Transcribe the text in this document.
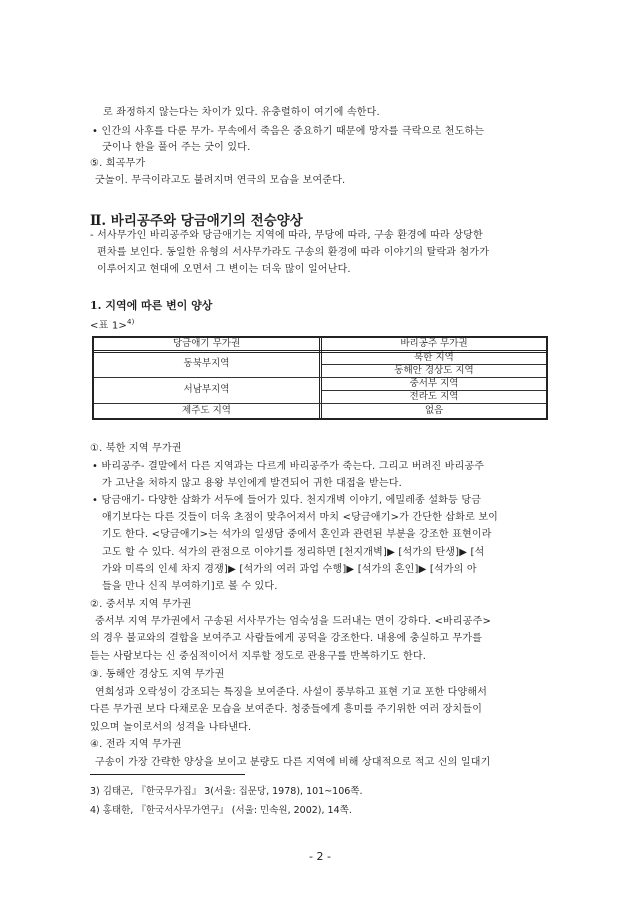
로 좌정하지 않는다는 차이가 있다. 유충렬하이 여기에 속한다.
• 인간의 사후를 다룬 무가- 무속에서 죽음은 중요하기 때문에 망자를 극락으로 천도하는
굿이나 한을 풀어 주는 굿이 있다.
⑤. 희곡무가
굿놀이. 무극이라고도 불려지며 연극의 모습을 보여준다.
Ⅱ. 바리공주와 당금애기의 전승양상
- 서사무가인 바리공주와 당금애기는 지역에 따라, 무당에 따라, 구송 환경에 따라 상당한
편차를 보인다. 동일한 유형의 서사무가라도 구송의 환경에 따라 이야기의 탈락과 첨가가
이루어지고 현대에 오면서 그 변이는 더욱 많이 일어난다.
1. 지역에 따른 변이 양상
<표 1>$^{4)}$
당금애기 무가권	바리공주 무가권
동북부지역
서남부지역
제주도 지역
북한 지역
동해안 경상도 지역
중서부 지역
전라도 지역
없음
①. 북한 지역 무가권
• 바리공주- 결말에서 다른 지역과는 다르게 바리공주가 죽는다. 그리고 버려진 바리공주
가 고난을 처하지 않고 용왕 부인에게 발견되어 귀한 대접을 받는다.
• 당금애기- 다양한 삽화가 서두에 들어가 있다. 천지개벽 이야기, 에밀레종 설화등 당금
애기보다는 다른 것들이 더욱 초점이 맞추어져서 마치 <당금애기>가 간단한 삽화로 보이
기도 한다. <당금애기>는 석가의 일생담 중에서 혼인과 관련된 부분을 강조한 표현이라
고도 할 수 있다. 석가의 관점으로 이야기를 정리하면 [천지개벽]▶ [석가의 탄생]▶ [석
가와 미륵의 인세 차지 경쟁]▶ [석가의 여러 과업 수행]▶ [석가의 혼인]▶ [석가의 아
들을 만나 신직 부여하기]로 볼 수 있다.
②. 중서부 지역 무가권
중서부 지역 무가권에서 구송된 서사무가는 엄숙성을 드러내는 면이 강하다. <바리공주>
의 경우 불교와의 결합을 보여주고 사람들에게 공덕을 강조한다. 내용에 충실하고 무가를
듣는 사람보다는 신 중심적이어서 지루할 정도로 관용구를 반복하기도 한다.
③. 동해안 경상도 지역 무가권
연희성과 오락성이 강조되는 특징을 보여준다. 사설이 풍부하고 표현 기교 포한 다양해서
다른 무가권 보다 다채로운 모습을 보여준다. 청중들에게 흥미를 주기위한 여러 장치들이
있으며 놀이로서의 성격을 나타낸다.
④. 전라 지역 무가권
구송이 가장 간략한 양상을 보이고 분량도 다른 지역에 비해 상대적으로 적고 신의 일대기
3) 김태곤, 『한국무가집』 3(서울: 집문당, 1978), 101~106쪽.
4) 홍태한, 『한국서사무가연구』 (서울: 민속원, 2002), 14쪽.
- 2 -
